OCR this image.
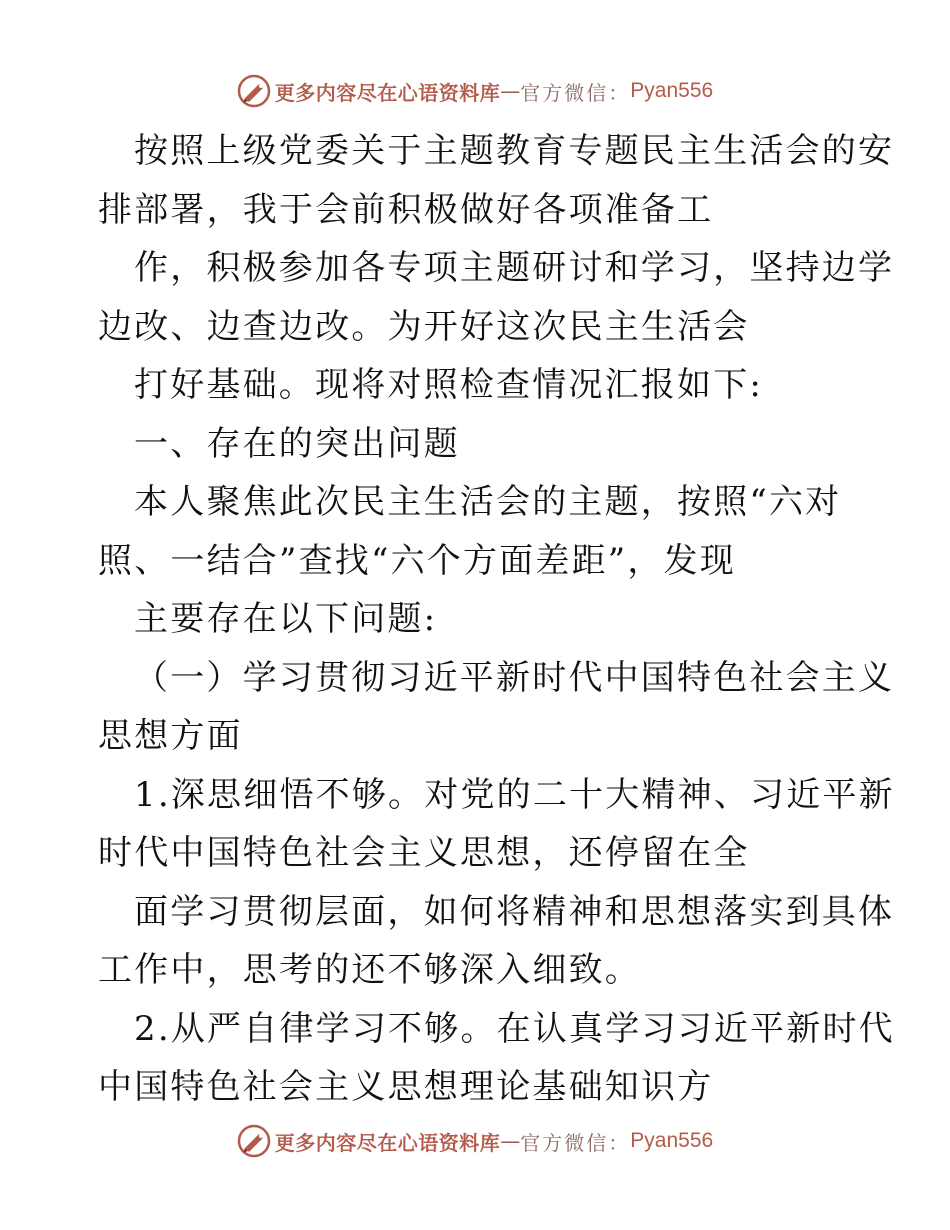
更多内容尽在心语资料库 — 官方微信： Pyan556

按照上级党委关于主题教育专题民主生活会的安

排部署，我于会前积极做好各项准备工

作，积极参加各专项主题研讨和学习，坚持边学

边改、边查边改。为开好这次民主生活会

打好基础。现将对照检查情况汇报如下:

一、存在的突出问题

本人聚焦此次民主生活会的主题，按照“六对

照、一结合”查找“六个方面差距”，发现

主要存在以下问题:

（一）学习贯彻习近平新时代中国特色社会主义

思想方面

1.深思细悟不够。对党的二十大精神、习近平新

时代中国特色社会主义思想，还停留在全

面学习贯彻层面，如何将精神和思想落实到具体

工作中，思考的还不够深入细致。

2.从严自律学习不够。在认真学习习近平新时代

中国特色社会主义思想理论基础知识方

更多内容尽在心语资料库 — 官方微信： Pyan556
